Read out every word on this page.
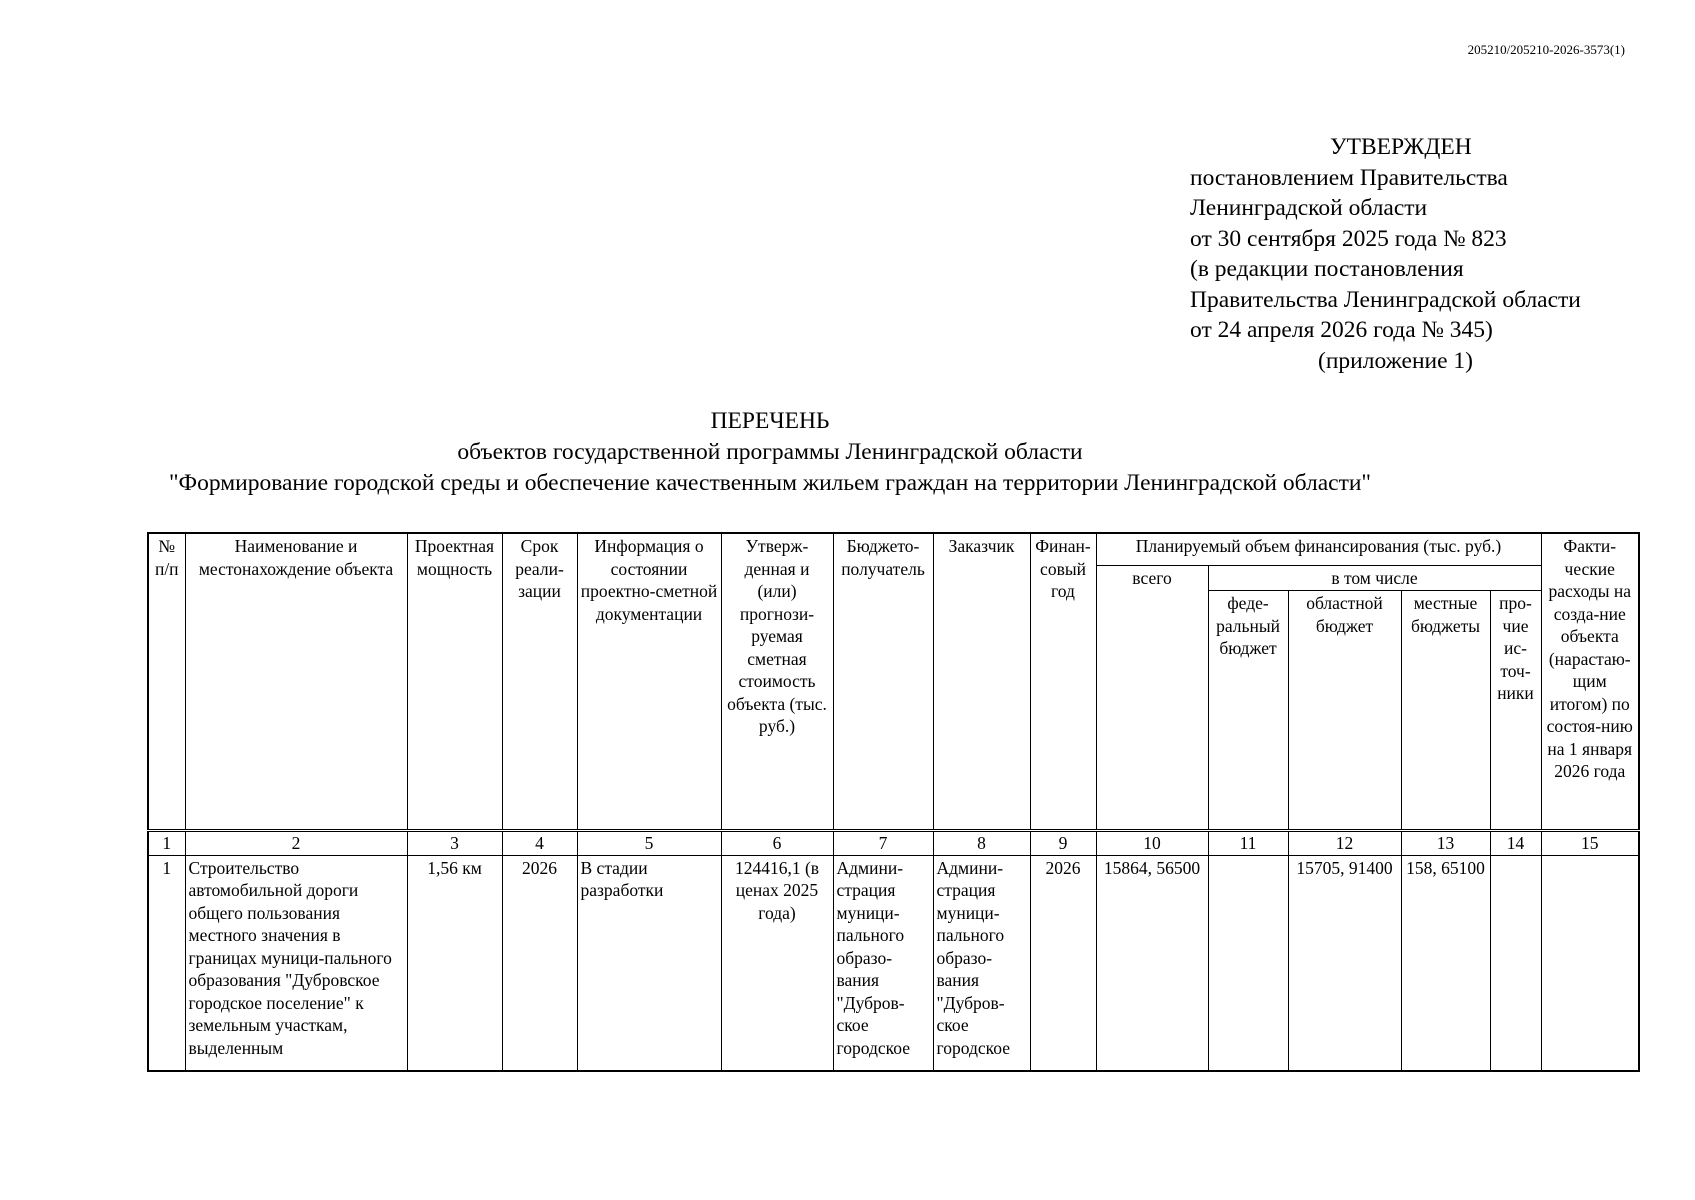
205210/205210-2026-3573(1)
УТВЕРЖДЕН
постановлением Правительства
Ленинградской области
от 30 сентября 2025 года № 823
(в редакции постановления
Правительства Ленинградской области
от 24 апреля 2026 года № 345)
(приложение 1)
ПЕРЕЧЕНЬ
объектов государственной программы Ленинградской области
"Формирование городской среды и обеспечение качественным жильем граждан на территории Ленинградской области"
№ п/п	Наименование и местонахождение объекта	Проектная мощность	Срок реали-зации	Информация о состоянии проектно-сметной документации	Утверж-денная и (или) прогнози-руемая сметная стоимость объекта (тыс. руб.)	Бюджето-получатель	Заказчик	Финан-совый год	Планируемый объем финансирования (тыс. руб.)					Факти-ческие расходы на созда-ние объекта (нарастаю-щим итогом) по состоя-нию на 1 января 2026 года
									всего	в том числе				
										феде-ральный бюджет	областной бюджет	местные бюджеты	про-чие ис-точ-ники	
1	2	3	4	5	6	7	8	9	10	11	12	13	14	15
1	Строительство автомобильной дороги общего пользования местного значения в границах муници-пального образования "Дубровское городское поселение" к земельным участкам, выделенным	1,56 км	2026	В стадии разработки	124416,1 (в ценах 2025 года)	Админи-страция муници-пального образо-вания "Дубров-ское городское	Админи-страция муници-пального образо-вания "Дубров-ское городское	2026	15864, 56500		15705, 91400	158, 65100		
